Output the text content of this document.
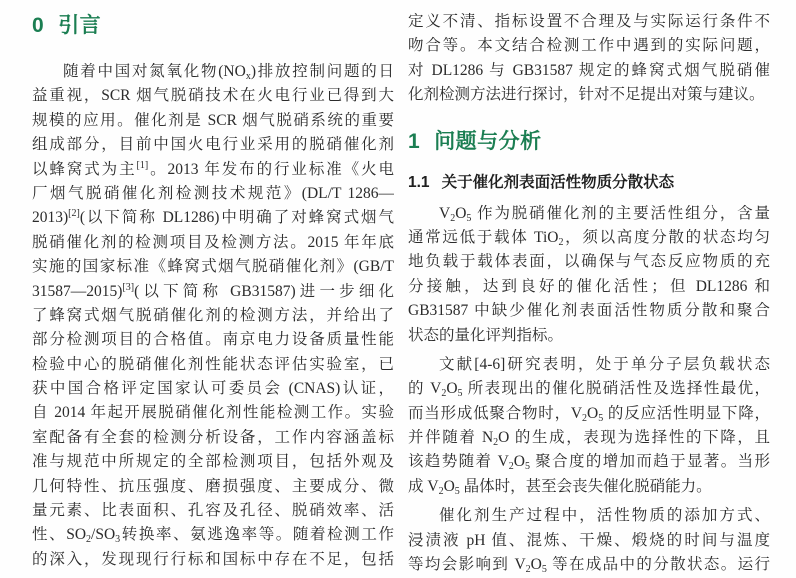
0 引言
随着中国对氮氧化物$(NO_x)$排放控制问题的日
益重视，SCR 烟气脱硝技术在火电行业已得到大
规模的应用。催化剂是 SCR 烟气脱硝系统的重要
组成部分，目前中国火电行业采用的脱硝催化剂
以蜂窝式为主[1]。2013 年发布的行业标准《火电
厂烟气脱硝催化剂检测技术规范》(DL/T 1286—
2013)[2](以下简称 DL1286)中明确了对蜂窝式烟气
脱硝催化剂的检测项目及检测方法。2015 年年底
实施的国家标准《蜂窝式烟气脱硝催化剂》(GB/T
31587—2015)[3](以下简称 GB31587)进一步细化
了蜂窝式烟气脱硝催化剂的检测方法，并给出了
部分检测项目的合格值。南京电力设备质量性能
检验中心的脱硝催化剂性能状态评估实验室，已
获中国合格评定国家认可委员会 (CNAS)认证，
自 2014 年起开展脱硝催化剂性能检测工作。实验
室配备有全套的检测分析设备，工作内容涵盖标
准与规范中所规定的全部检测项目，包括外观及
几何特性、抗压强度、磨损强度、主要成分、微
量元素、比表面积、孔容及孔径、脱硝效率、活
性、$SO_2/SO_3$转换率、氨逃逸率等。随着检测工作
的深入，发现现行行标和国标中存在不足，包括
定义不清、指标设置不合理及与实际运行条件不
吻合等。本文结合检测工作中遇到的实际问题，
对 DL1286 与 GB31587 规定的蜂窝式烟气脱硝催
化剂检测方法进行探讨，针对不足提出对策与建议。
1 问题与分析
1.1 关于催化剂表面活性物质分散状态
$V_2O_5$ 作为脱硝催化剂的主要活性组分，含量
通常远低于载体 TiO$_2$，须以高度分散的状态均匀
地负载于载体表面，以确保与气态反应物质的充
分接触，达到良好的催化活性；但 DL1286 和
GB31587 中缺少催化剂表面活性物质分散和聚合
状态的量化评判指标。
文献[4-6]研究表明，处于单分子层负载状态
的 $V_2O_5$ 所表现出的催化脱硝活性及选择性最优，
而当形成低聚合物时，$V_2O_5$ 的反应活性明显下降，
并伴随着 $N_2O$ 的生成，表现为选择性的下降，且
该趋势随着 $V_2O_5$ 聚合度的增加而趋于显著。当形
成 $V_2O_5$ 晶体时，甚至会丧失催化脱硝能力。
催化剂生产过程中，活性物质的添加方式、
浸渍液 pH 值、混炼、干燥、煅烧的时间与温度
等均会影响到 $V_2O_5$ 等在成品中的分散状态。运行
